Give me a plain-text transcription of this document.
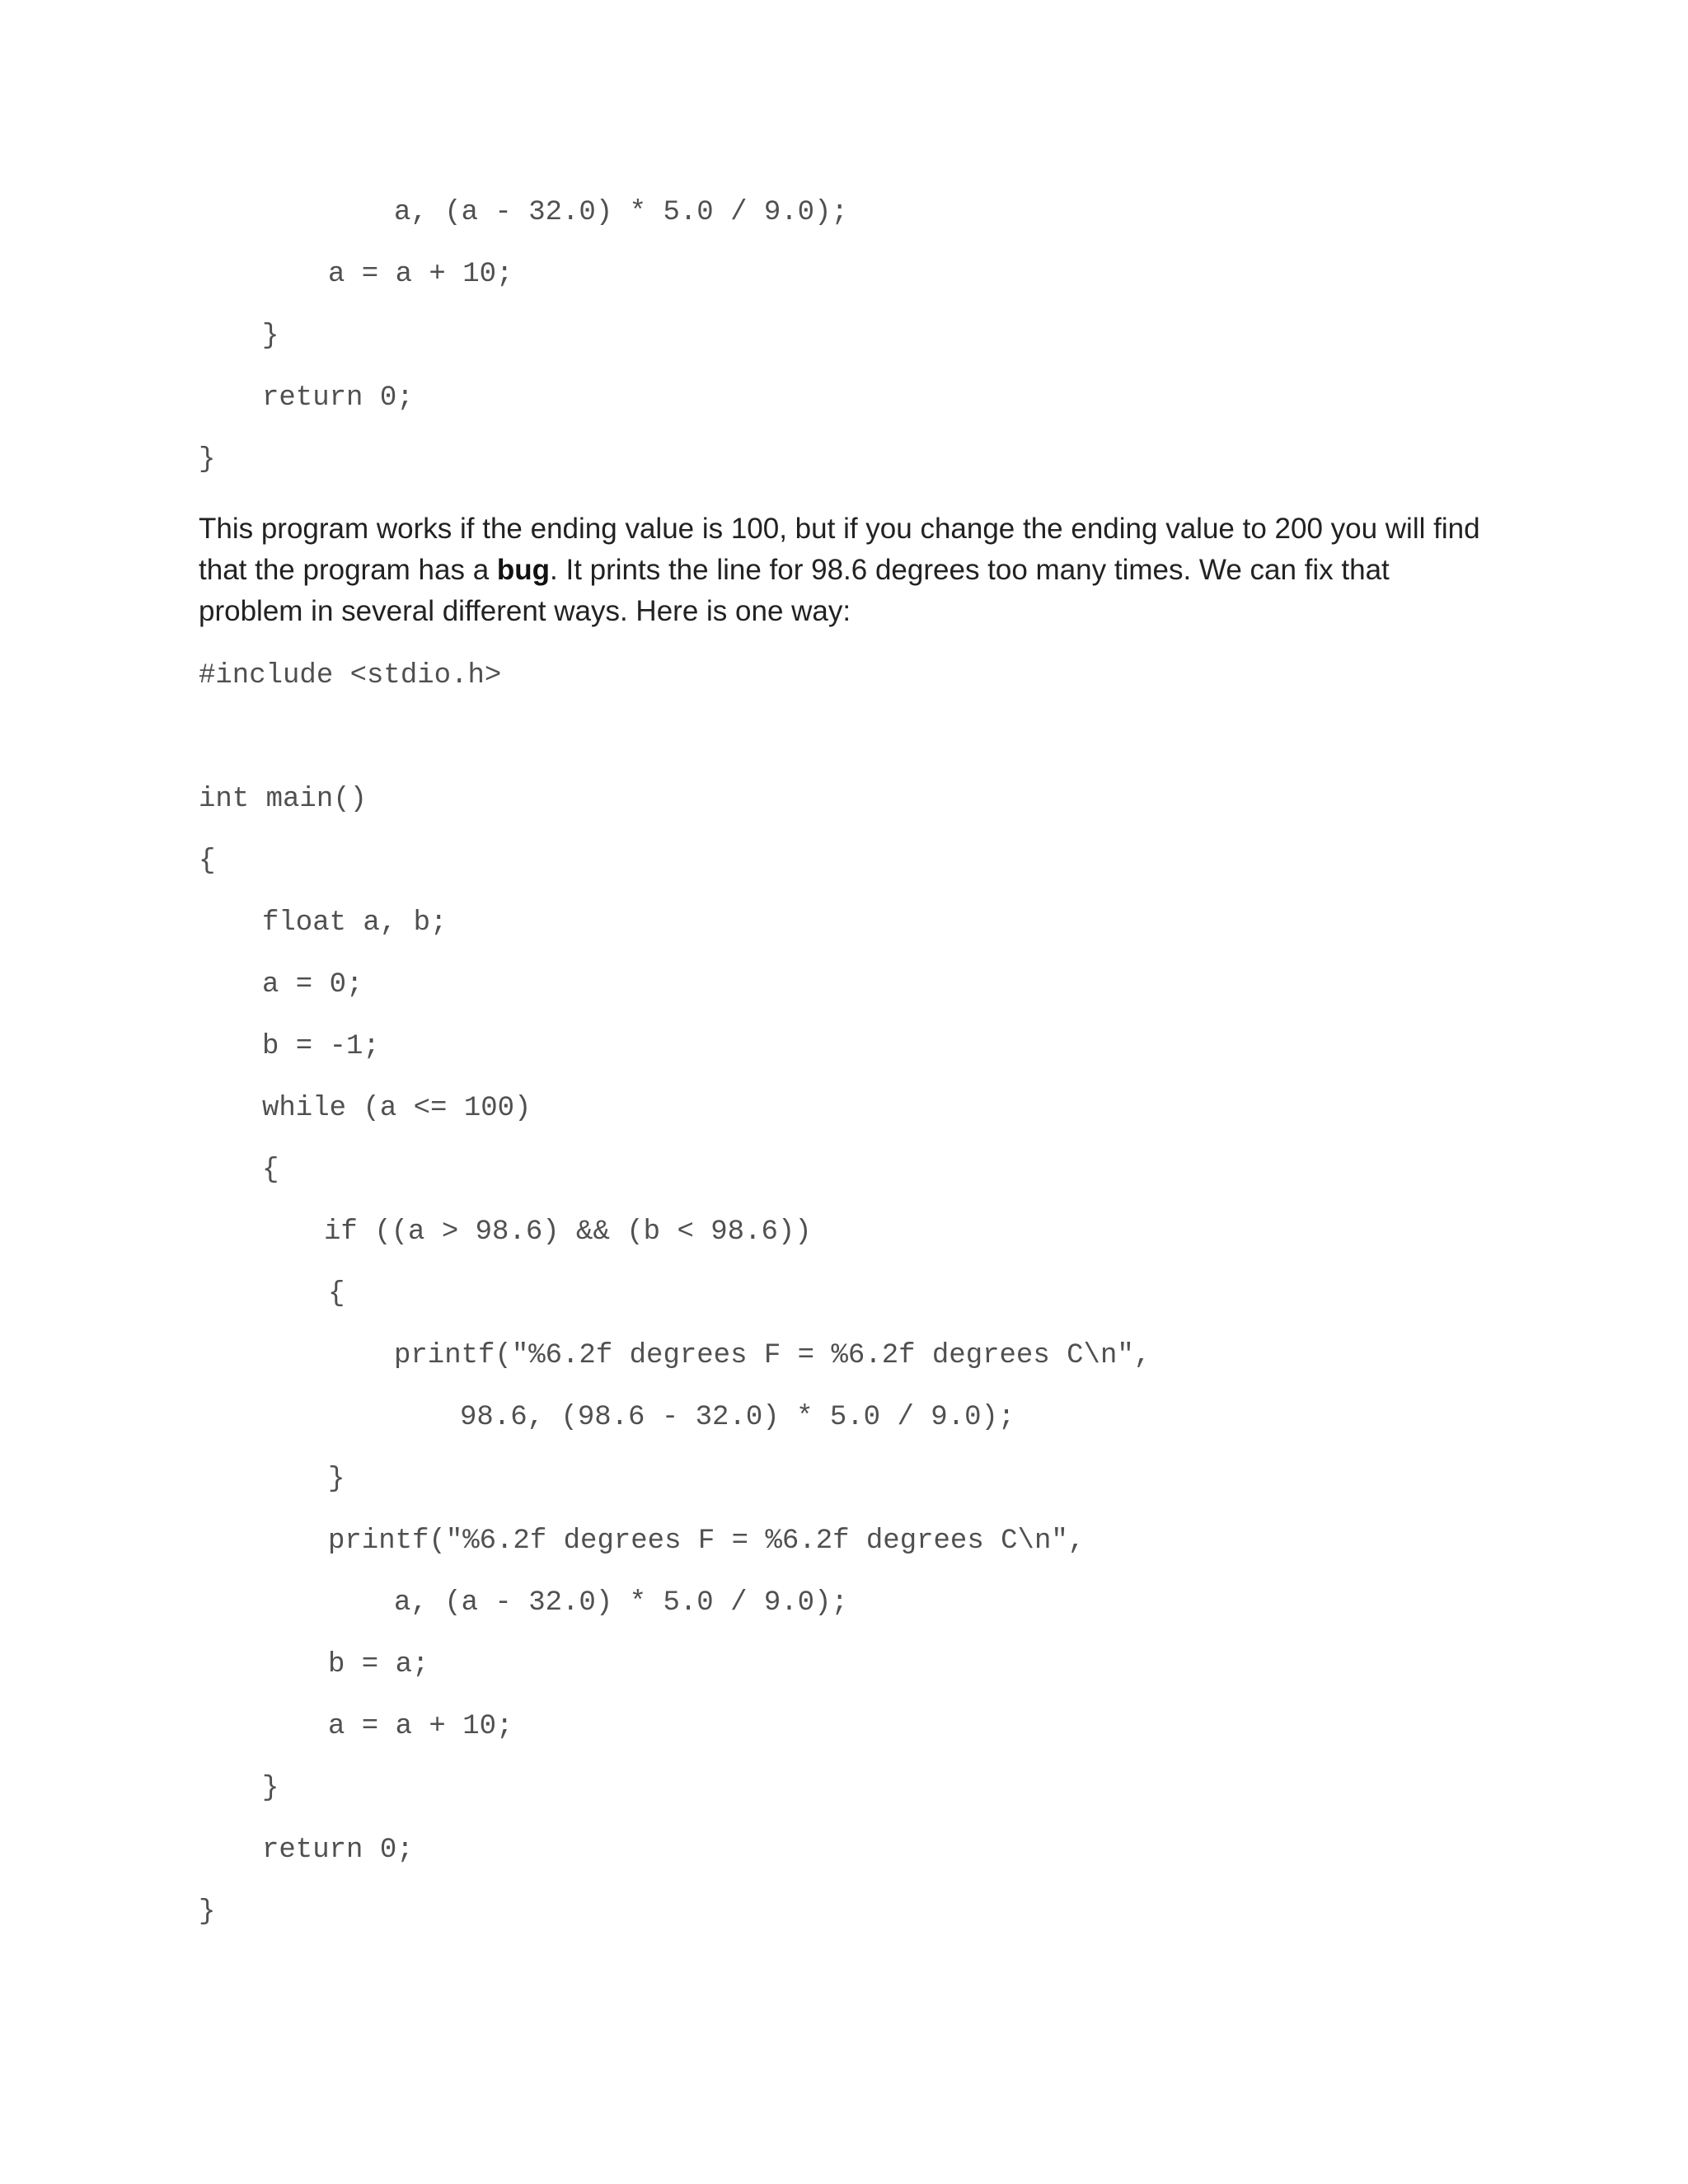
a, (a - 32.0) * 5.0 / 9.0);
a = a + 10;
}
return 0;
}

This program works if the ending value is 100, but if you change the ending value to 200 you will find that the program has a bug. It prints the line for 98.6 degrees too many times. We can fix that problem in several different ways. Here is one way:

#include <stdio.h>
int main()
{
float a, b;
a = 0;
b = -1;
while (a <= 100)
{
if ((a > 98.6) && (b < 98.6))
{
printf("%6.2f degrees F = %6.2f degrees C\n",
98.6, (98.6 - 32.0) * 5.0 / 9.0);
}
printf("%6.2f degrees F = %6.2f degrees C\n",
a, (a - 32.0) * 5.0 / 9.0);
b = a;
a = a + 10;
}
return 0;
}
